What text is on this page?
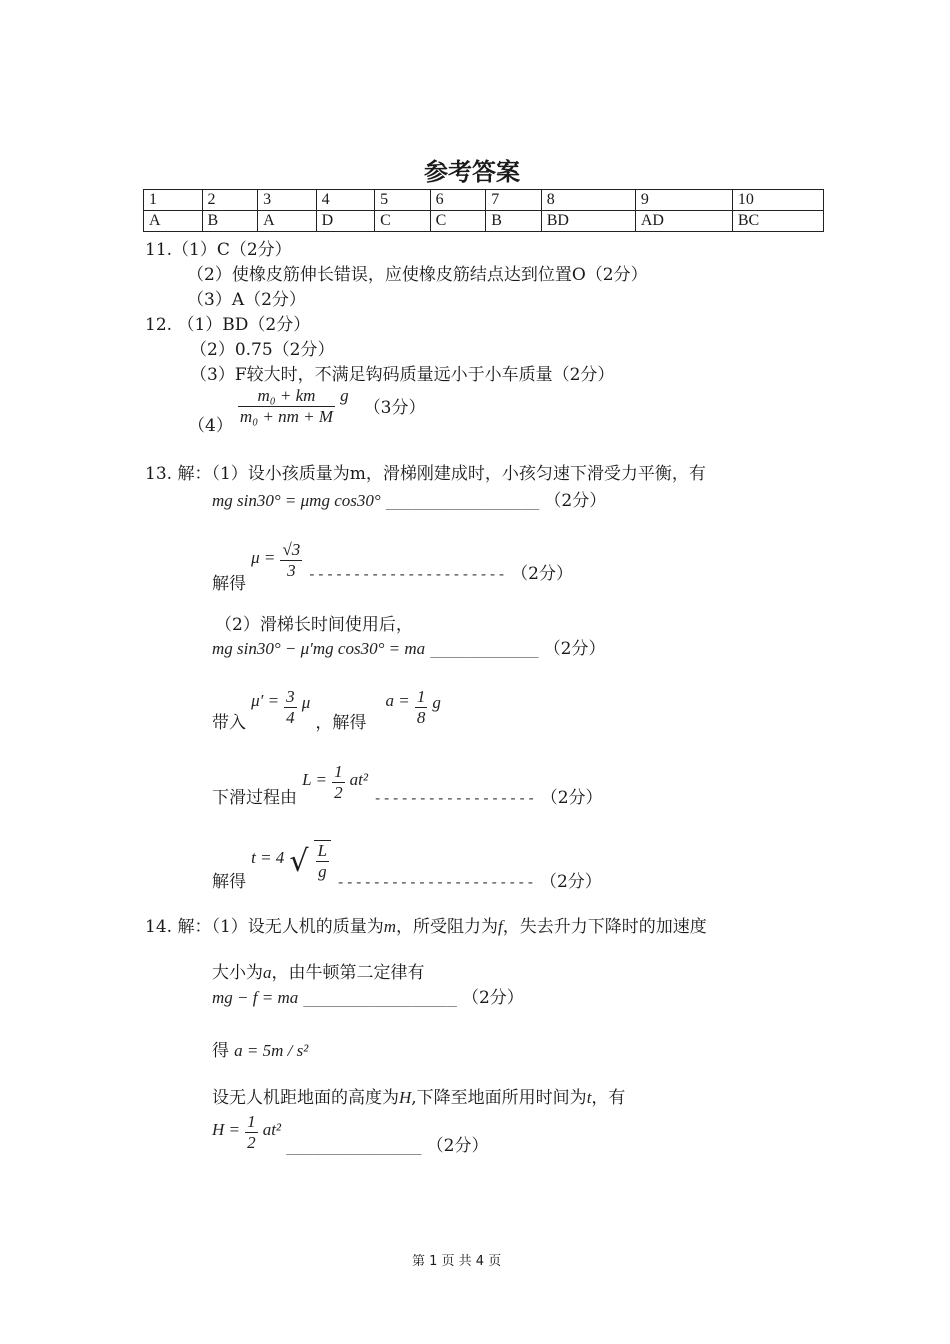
参考答案
1	2	3	4	5	6	7	8	9	10
A	B	A	D	C	C	B	BD	AD	BC
11.（1）C（2分）
（2）使橡皮筋伸长错误，应使橡皮筋结点达到位置O（2分）
（3）A（2分）
12. （1）BD（2分）
（2）0.75（2分）
（3）F较大时，不满足钩码质量远小于小车质量（2分）
$(4) \frac{\text{m₀ + km}}{\text{m₀ + nm + M}}$ g （3分）
13. 解：（1）设小孩质量为m，滑梯刚建成时，小孩匀速下滑受力平衡，有
mg sin30° = μmg cos30° _________________ （2分）
解得 $\mu = \frac{√3}{3}$ ---------------------- （2分）
（2）滑梯长时间使用后，
mg sin30° − μ′mg cos30° = ma ____________ （2分）
带入 $\mu' = \frac{3}{4}$ μ ，解得 $a = \frac{1}{8}$ g
下滑过程由 $L = \frac{1}{2} at^2$ ------------------ （2分）
解得 t = 4 √ $\frac{L}{g}$
---------------------- （2分）
14. 解：（1）设无人机的质量为m，所受阻力为f，失去升力下降时的加速度
大小为a，由牛顿第二定律有
mg − f = ma _________________ （2分）
得 a = 5m / s²
设无人机距地面的高度为H,下降至地面所用时间为t，有
$H = \frac{1}{2} at^2$ _______________ （2分）
第 1 页 共 4 页
